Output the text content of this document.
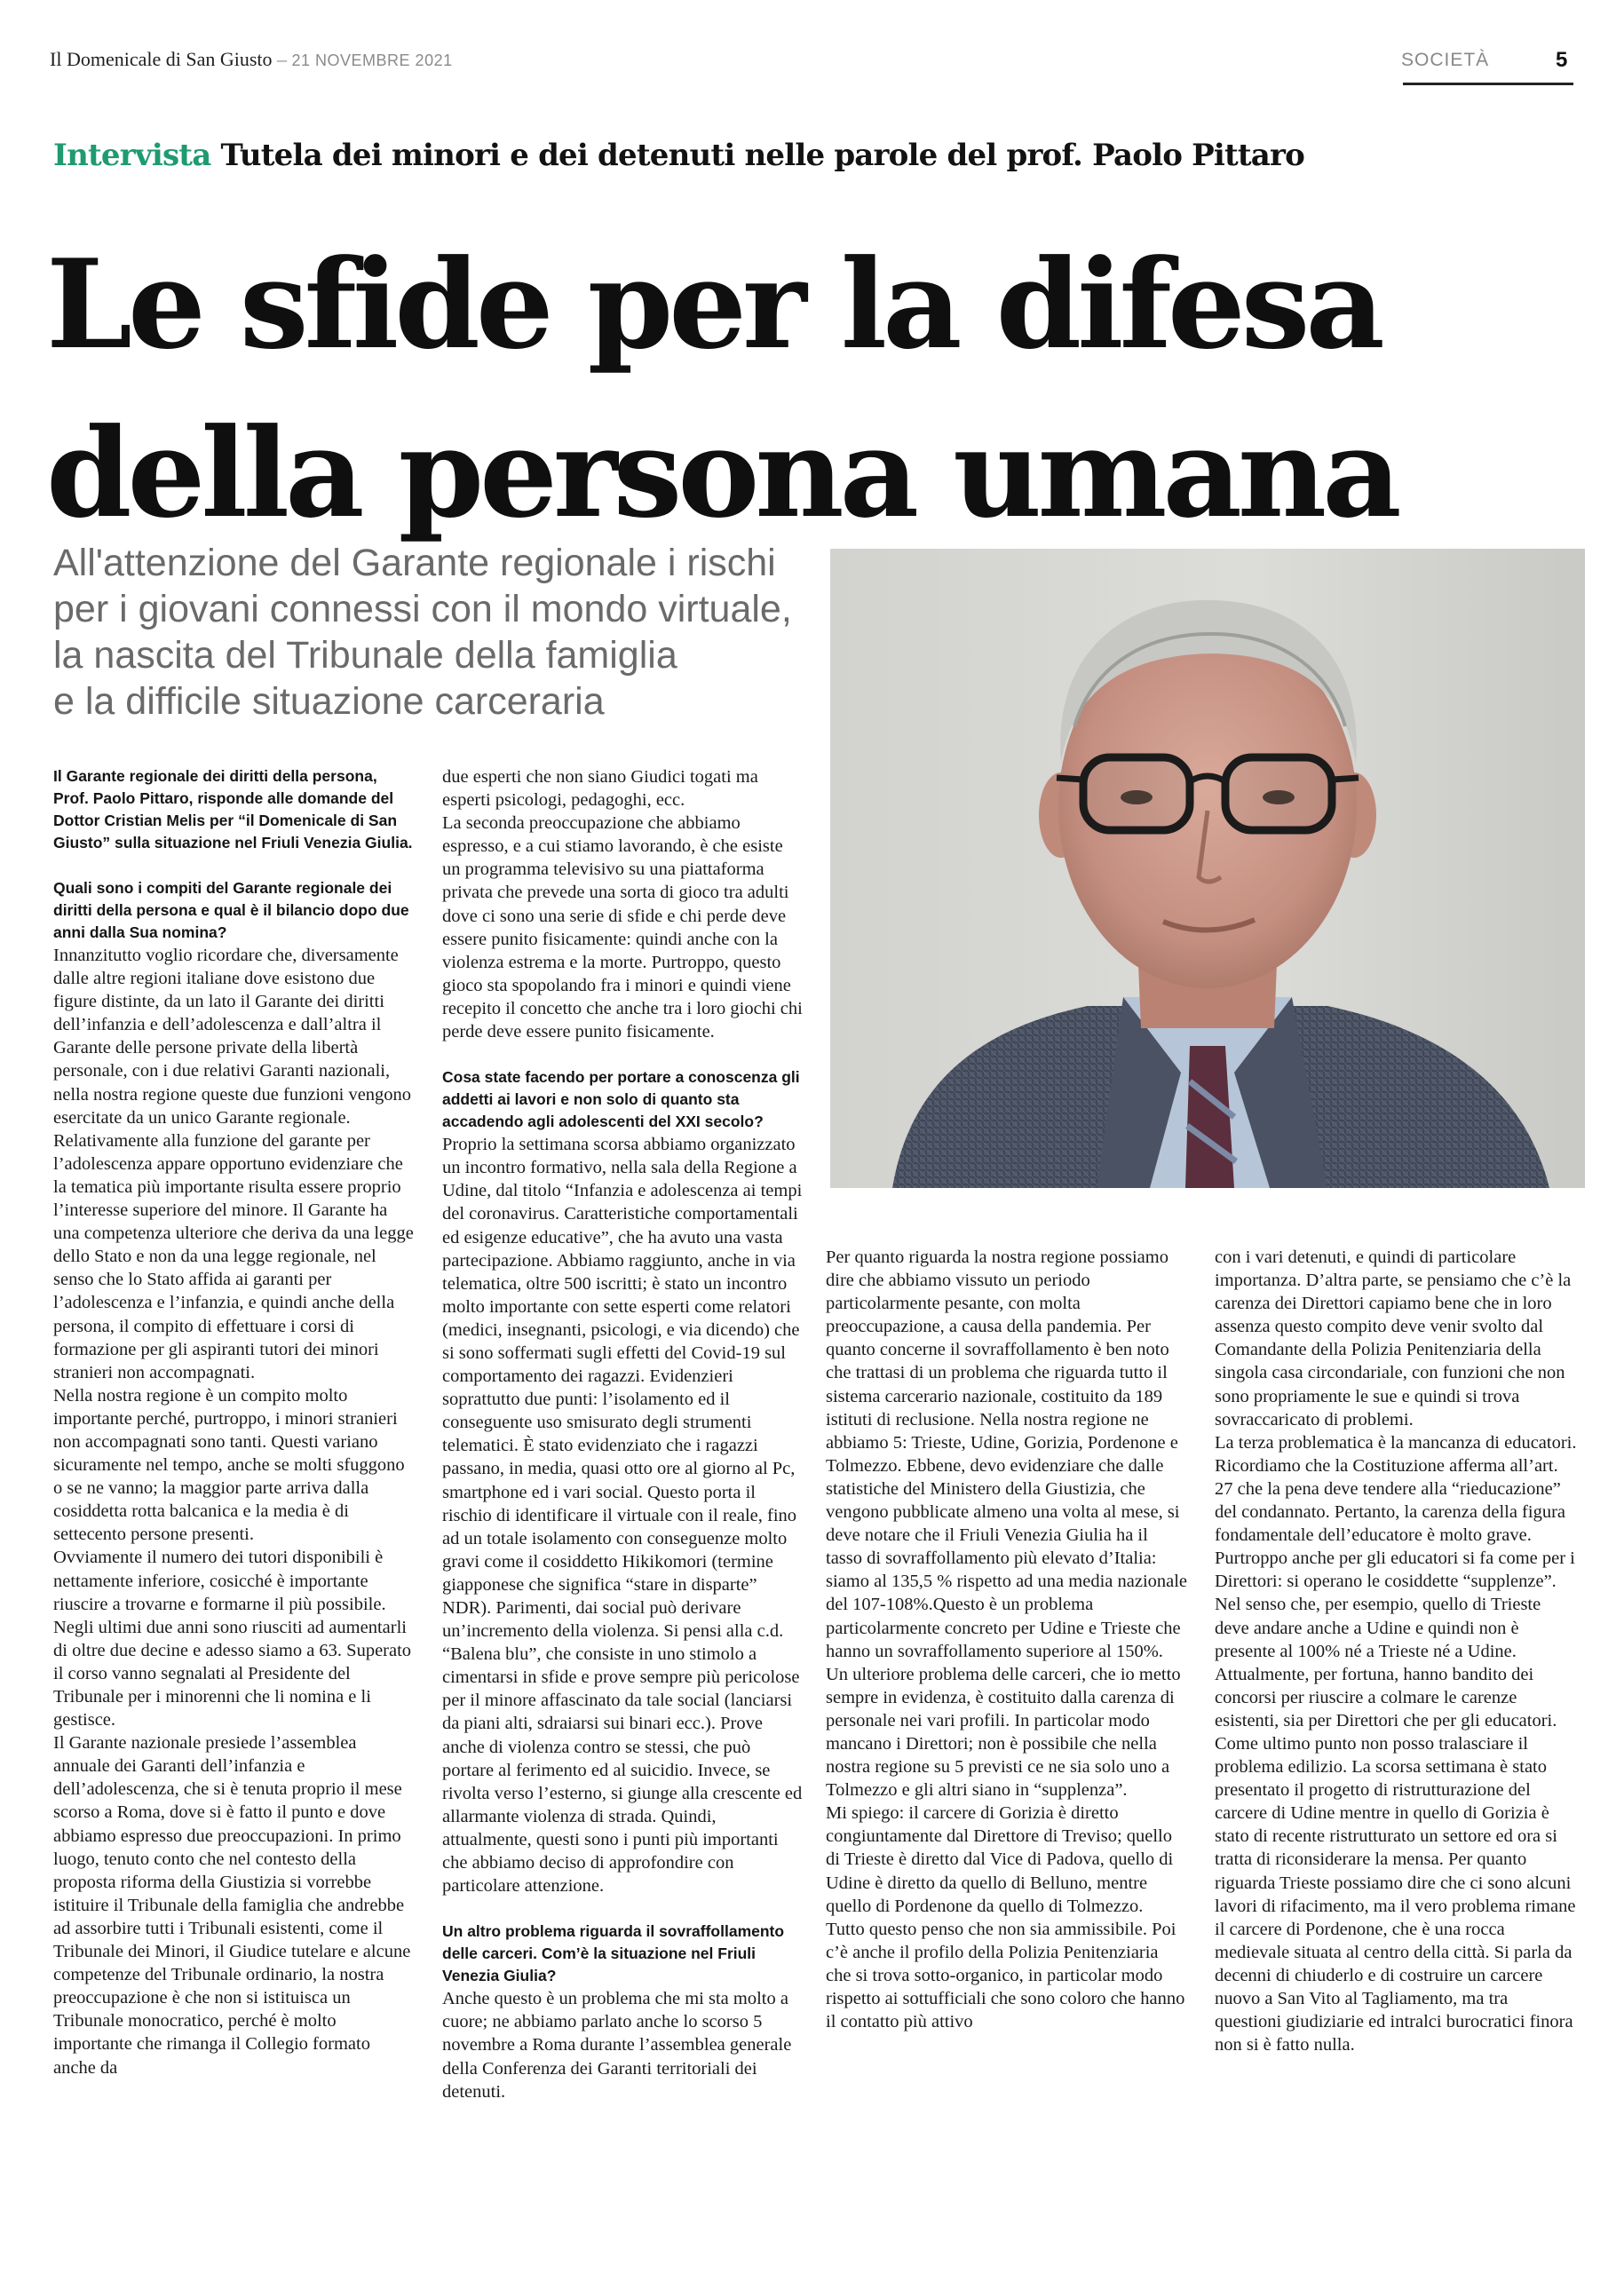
Il Domenicale di San Giusto – 21 NOVEMBRE 2021	SOCIETÀ	5
Intervista Tutela dei minori e dei detenuti nelle parole del prof. Paolo Pittaro
Le sfide per la difesa
della persona umana
All'attenzione del Garante regionale i rischi
per i giovani connessi con il mondo virtuale,
la nascita del Tribunale della famiglia
e la difficile situazione carceraria

Il Garante regionale dei diritti della persona, Prof. Paolo Pittaro, risponde alle domande del Dottor Cristian Melis per “il Domenicale di San Giusto” sulla situazione nel Friuli Venezia Giulia.

Quali sono i compiti del Garante regionale dei diritti della persona e qual è il bilancio dopo due anni dalla Sua nomina?

Innanzitutto voglio ricordare che, diversamente dalle altre regioni italiane dove esistono due figure distinte, da un lato il Garante dei diritti dell’infanzia e dell’adolescenza e dall’altra il Garante delle persone private della libertà personale, con i due relativi Garanti nazionali, nella nostra regione queste due funzioni vengono esercitate da un unico Garante regionale.

Relativamente alla funzione del garante per l’adolescenza appare opportuno evidenziare che la tematica più importante risulta essere proprio l’interesse superiore del minore. Il Garante ha una competenza ulteriore che deriva da una legge dello Stato e non da una legge regionale, nel senso che lo Stato affida ai garanti per l’adolescenza e l’infanzia, e quindi anche della persona, il compito di effettuare i corsi di formazione per gli aspiranti tutori dei minori stranieri non accompagnati.

Nella nostra regione è un compito molto importante perché, purtroppo, i minori stranieri non accompagnati sono tanti. Questi variano sicuramente nel tempo, anche se molti sfuggono o se ne vanno; la maggior parte arriva dalla cosiddetta rotta balcanica e la media è di settecento persone presenti.

Ovviamente il numero dei tutori disponibili è nettamente inferiore, cosicché è importante riuscire a trovarne e formarne il più possibile. Negli ultimi due anni sono riusciti ad aumentarli di oltre due decine e adesso siamo a 63. Superato il corso vanno segnalati al Presidente del Tribunale per i minorenni che li nomina e li gestisce.

Il Garante nazionale presiede l’assemblea annuale dei Garanti dell’infanzia e dell’adolescenza, che si è tenuta proprio il mese scorso a Roma, dove si è fatto il punto e dove abbiamo espresso due preoccupazioni. In primo luogo, tenuto conto che nel contesto della proposta riforma della Giustizia si vorrebbe istituire il Tribunale della famiglia che andrebbe ad assorbire tutti i Tribunali esistenti, come il Tribunale dei Minori, il Giudice tutelare e alcune competenze del Tribunale ordinario, la nostra preoccupazione è che non si istituisca un Tribunale monocratico, perché è molto importante che rimanga il Collegio formato anche da

due esperti che non siano Giudici togati ma esperti psicologi, pedagoghi, ecc.

La seconda preoccupazione che abbiamo espresso, e a cui stiamo lavorando, è che esiste un programma televisivo su una piattaforma privata che prevede una sorta di gioco tra adulti dove ci sono una serie di sfide e chi perde deve essere punito fisicamente: quindi anche con la violenza estrema e la morte. Purtroppo, questo gioco sta spopolando fra i minori e quindi viene recepito il concetto che anche tra i loro giochi chi perde deve essere punito fisicamente.

Cosa state facendo per portare a conoscenza gli addetti ai lavori e non solo di quanto sta accadendo agli adolescenti del XXI secolo?

Proprio la settimana scorsa abbiamo organizzato un incontro formativo, nella sala della Regione a Udine, dal titolo “Infanzia e adolescenza ai tempi del coronavirus. Caratteristiche comportamentali ed esigenze educative”, che ha avuto una vasta partecipazione. Abbiamo raggiunto, anche in via telematica, oltre 500 iscritti; è stato un incontro molto importante con sette esperti come relatori (medici, insegnanti, psicologi, e via dicendo) che si sono soffermati sugli effetti del Covid-19 sul comportamento dei ragazzi. Evidenzieri soprattutto due punti: l’isolamento ed il conseguente uso smisurato degli strumenti telematici. È stato evidenziato che i ragazzi passano, in media, quasi otto ore al giorno al Pc, smartphone ed i vari social. Questo porta il rischio di identificare il virtuale con il reale, fino ad un totale isolamento con conseguenze molto gravi come il cosiddetto Hikikomori (termine giapponese che significa “stare in disparte” NDR). Parimenti, dai social può derivare un’incremento della violenza. Si pensi alla c.d. “Balena blu”, che consiste in uno stimolo a cimentarsi in sfide e prove sempre più pericolose per il minore affascinato da tale social (lanciarsi da piani alti, sdraiarsi sui binari ecc.). Prove anche di violenza contro se stessi, che può portare al ferimento ed al suicidio. Invece, se rivolta verso l’esterno, si giunge alla crescente ed allarmante violenza di strada. Quindi, attualmente, questi sono i punti più importanti che abbiamo deciso di approfondire con particolare attenzione.

Un altro problema riguarda il sovraffollamento delle carceri. Com’è la situazione nel Friuli Venezia Giulia?

Anche questo è un problema che mi sta molto a cuore; ne abbiamo parlato anche lo scorso 5 novembre a Roma durante l’assemblea generale della Conferenza dei Garanti territoriali dei detenuti.

Per quanto riguarda la nostra regione possiamo dire che abbiamo vissuto un periodo particolarmente pesante, con molta preoccupazione, a causa della pandemia. Per quanto concerne il sovraffollamento è ben noto che trattasi di un problema che riguarda tutto il sistema carcerario nazionale, costituito da 189 istituti di reclusione. Nella nostra regione ne abbiamo 5: Trieste, Udine, Gorizia, Pordenone e Tolmezzo. Ebbene, devo evidenziare che dalle statistiche del Ministero della Giustizia, che vengono pubblicate almeno una volta al mese, si deve notare che il Friuli Venezia Giulia ha il tasso di sovraffollamento più elevato d’Italia: siamo al 135,5 % rispetto ad una media nazionale del 107-108%.Questo è un problema particolarmente concreto per Udine e Trieste che hanno un sovraffollamento superiore al 150%. Un ulteriore problema delle carceri, che io metto sempre in evidenza, è costituito dalla carenza di personale nei vari profili. In particolar modo mancano i Direttori; non è possibile che nella nostra regione su 5 previsti ce ne sia solo uno a Tolmezzo e gli altri siano in “supplenza”.

Mi spiego: il carcere di Gorizia è diretto congiuntamente dal Direttore di Treviso; quello di Trieste è diretto dal Vice di Padova, quello di Udine è diretto da quello di Belluno, mentre quello di Pordenone da quello di Tolmezzo.

Tutto questo penso che non sia ammissibile. Poi c’è anche il profilo della Polizia Penitenziaria che si trova sotto-organico, in particolar modo rispetto ai sottufficiali che sono coloro che hanno il contatto più attivo

con i vari detenuti, e quindi di particolare importanza. D’altra parte, se pensiamo che c’è la carenza dei Direttori capiamo bene che in loro assenza questo compito deve venir svolto dal Comandante della Polizia Penitenziaria della singola casa circondariale, con funzioni che non sono propriamente le sue e quindi si trova sovraccaricato di problemi.

La terza problematica è la mancanza di educatori. Ricordiamo che la Costituzione afferma all’art. 27 che la pena deve tendere alla “rieducazione” del condannato. Pertanto, la carenza della figura fondamentale dell’educatore è molto grave.

Purtroppo anche per gli educatori si fa come per i Direttori: si operano le cosiddette “supplenze”. Nel senso che, per esempio, quello di Trieste deve andare anche a Udine e quindi non è presente al 100% né a Trieste né a Udine.

Attualmente, per fortuna, hanno bandito dei concorsi per riuscire a colmare le carenze esistenti, sia per Direttori che per gli educatori.

Come ultimo punto non posso tralasciare il problema edilizio. La scorsa settimana è stato presentato il progetto di ristrutturazione del carcere di Udine mentre in quello di Gorizia è stato di recente ristrutturato un settore ed ora si tratta di riconsiderare la mensa. Per quanto riguarda Trieste possiamo dire che ci sono alcuni lavori di rifacimento, ma il vero problema rimane il carcere di Pordenone, che è una rocca medievale situata al centro della città. Si parla da decenni di chiuderlo e di costruire un carcere nuovo a San Vito al Tagliamento, ma tra questioni giudiziarie ed intralci burocratici finora non si è fatto nulla.
